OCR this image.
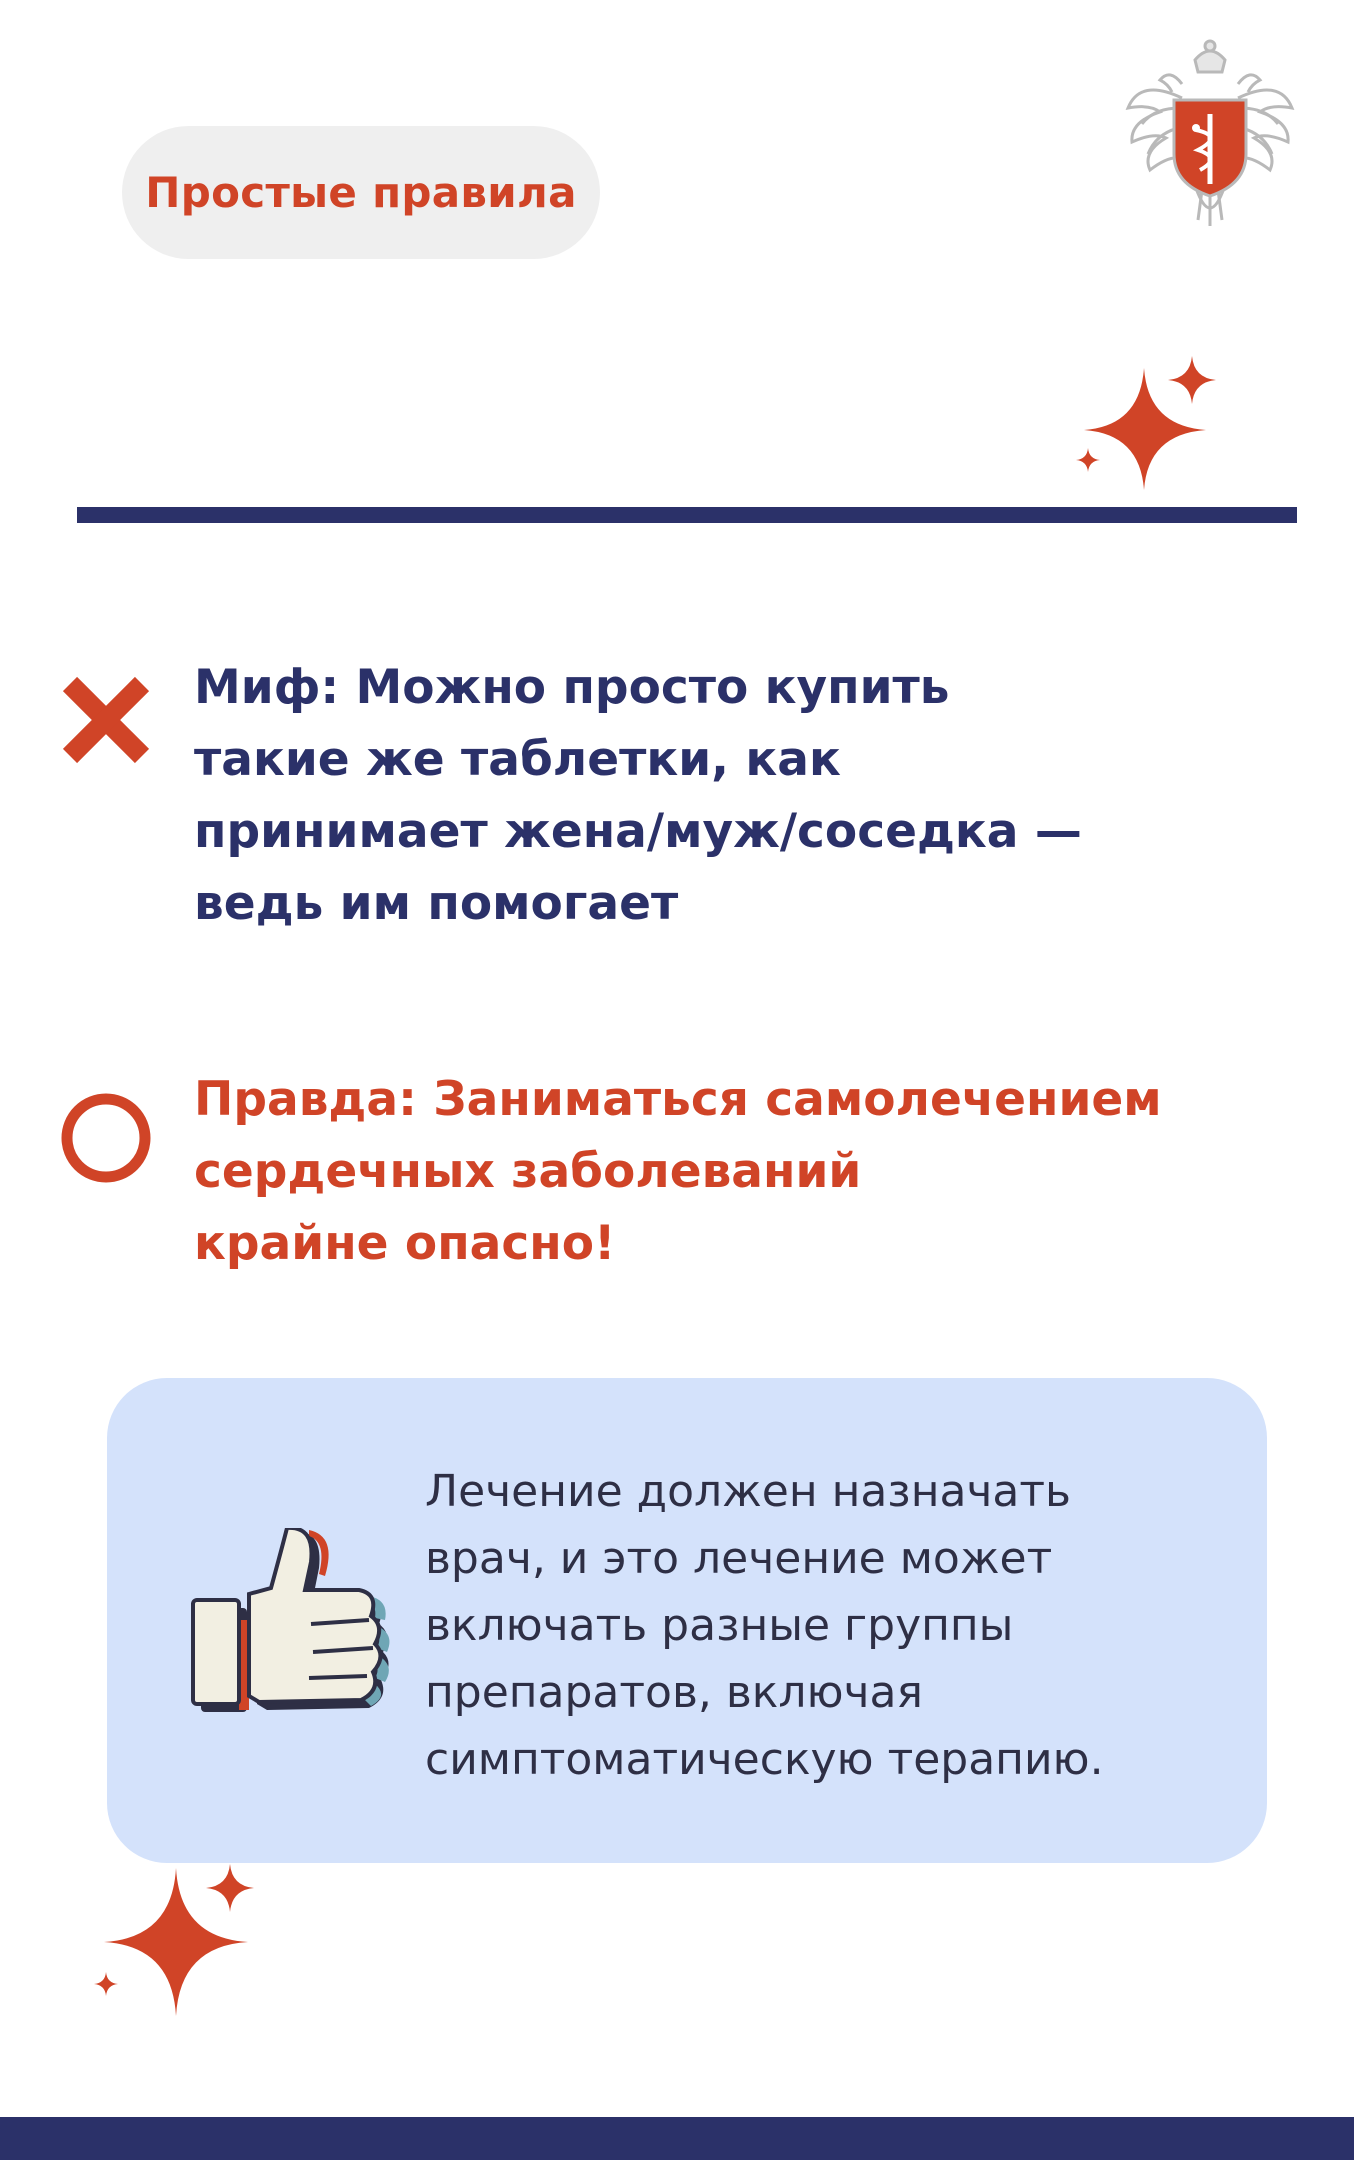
Простые правила
Миф: Можно просто купить
такие же таблетки, как
принимает жена/муж/соседка —
ведь им помогает
Правда: Заниматься самолечением
сердечных заболеваний
крайне опасно!
Лечение должен назначать
врач, и это лечение может
включать разные группы
препаратов, включая
симптоматическую терапию.
